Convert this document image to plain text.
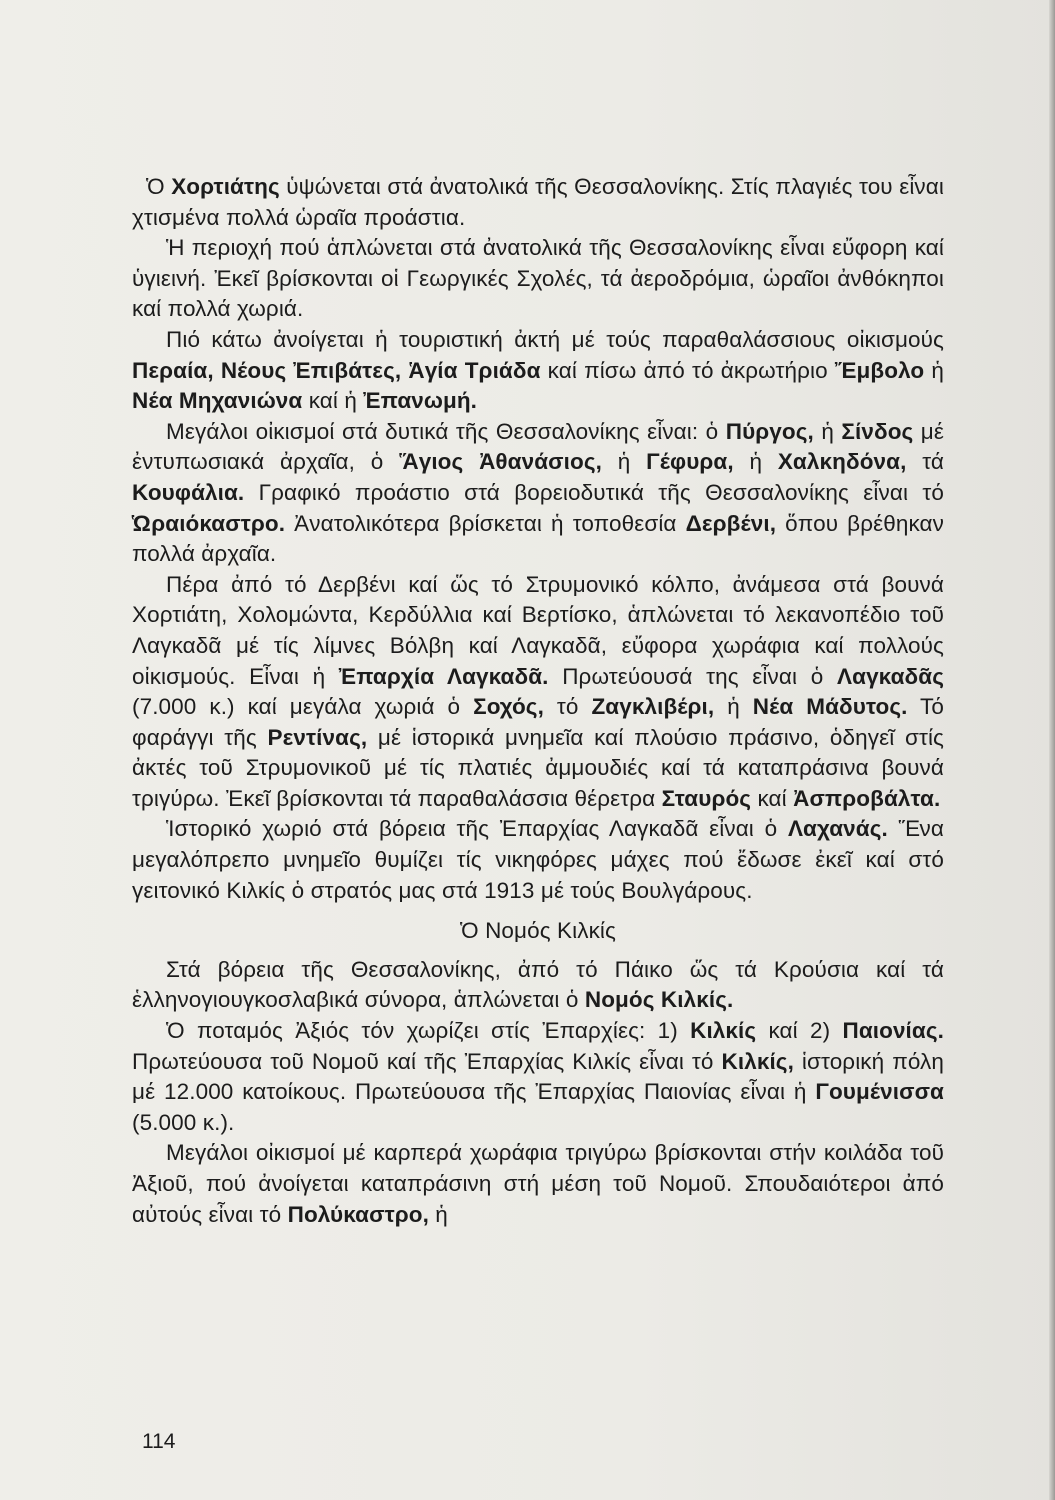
Ὁ Χορτιάτης ὑψώνεται στά ἀνατολικά τῆς Θεσσαλονίκης. Στίς πλαγιές του εἶναι χτισμένα πολλά ὡραῖα προάστια.

Ἡ περιοχή πού ἁπλώνεται στά ἀνατολικά τῆς Θεσσαλονίκης εἶναι εὔφορη καί ὑγιεινή. Ἐκεῖ βρίσκονται οἱ Γεωργικές Σχολές, τά ἀεροδρόμια, ὡραῖοι ἀνθόκηποι καί πολλά χωριά.

Πιό κάτω ἀνοίγεται ἡ τουριστική ἀκτή μέ τούς παραθαλάσσιους οἰκισμούς Περαία, Νέους Ἐπιβάτες, Ἁγία Τριάδα καί πίσω ἀπό τό ἀκρωτήριο Ἔμβολο ἡ Νέα Μηχανιώνα καί ἡ Ἐπανωμή.

Μεγάλοι οἰκισμοί στά δυτικά τῆς Θεσσαλονίκης εἶναι: ὁ Πύργος, ἡ Σίνδος μέ ἐντυπωσιακά ἀρχαῖα, ὁ Ἅγιος Ἀθανάσιος, ἡ Γέφυρα, ἡ Χαλκηδόνα, τά Κουφάλια. Γραφικό προάστιο στά βορειοδυτικά τῆς Θεσσαλονίκης εἶναι τό Ὡραιόκαστρο. Ἀνατολικότερα βρίσκεται ἡ τοποθεσία Δερβένι, ὅπου βρέθηκαν πολλά ἀρχαῖα.

Πέρα ἀπό τό Δερβένι καί ὥς τό Στρυμονικό κόλπο, ἀνάμεσα στά βουνά Χορτιάτη, Χολομώντα, Κερδύλλια καί Βερτίσκο, ἁπλώνεται τό λεκανοπέδιο τοῦ Λαγκαδᾶ μέ τίς λίμνες Βόλβη καί Λαγκαδᾶ, εὔφορα χωράφια καί πολλούς οἰκισμούς. Εἶναι ἡ Ἐπαρχία Λαγκαδᾶ. Πρωτεύουσά της εἶναι ὁ Λαγκαδᾶς (7.000 κ.) καί μεγάλα χωριά ὁ Σοχός, τό Ζαγκλιβέρι, ἡ Νέα Μάδυτος. Τό φαράγγι τῆς Ρεντίνας, μέ ἱστορικά μνημεῖα καί πλούσιο πράσινο, ὁδηγεῖ στίς ἀκτές τοῦ Στρυμονικοῦ μέ τίς πλατιές ἀμμουδιές καί τά καταπράσινα βουνά τριγύρω. Ἐκεῖ βρίσκονται τά παραθαλάσσια θέρετρα Σταυρός καί Ἀσπροβάλτα.

Ἱστορικό χωριό στά βόρεια τῆς Ἐπαρχίας Λαγκαδᾶ εἶναι ὁ Λαχανάς. Ἕνα μεγαλόπρεπο μνημεῖο θυμίζει τίς νικηφόρες μάχες πού ἔδωσε ἐκεῖ καί στό γειτονικό Κιλκίς ὁ στρατός μας στά 1913 μέ τούς Βουλγάρους.

Ὁ Νομός Κιλκίς

Στά βόρεια τῆς Θεσσαλονίκης, ἀπό τό Πάικο ὥς τά Κρούσια καί τά ἑλληνογιουγκοσλαβικά σύνορα, ἁπλώνεται ὁ Νομός Κιλκίς.

Ὁ ποταμός Ἀξιός τόν χωρίζει στίς Ἐπαρχίες: 1) Κιλκίς καί 2) Παιονίας. Πρωτεύουσα τοῦ Νομοῦ καί τῆς Ἐπαρχίας Κιλκίς εἶναι τό Κιλκίς, ἱστορική πόλη μέ 12.000 κατοίκους. Πρωτεύουσα τῆς Ἐπαρχίας Παιονίας εἶναι ἡ Γουμένισσα (5.000 κ.).

Μεγάλοι οἰκισμοί μέ καρπερά χωράφια τριγύρω βρίσκονται στήν κοιλάδα τοῦ Ἀξιοῦ, πού ἀνοίγεται καταπράσινη στή μέση τοῦ Νομοῦ. Σπουδαιότεροι ἀπό αὐτούς εἶναι τό Πολύκαστρο, ἡ

114
